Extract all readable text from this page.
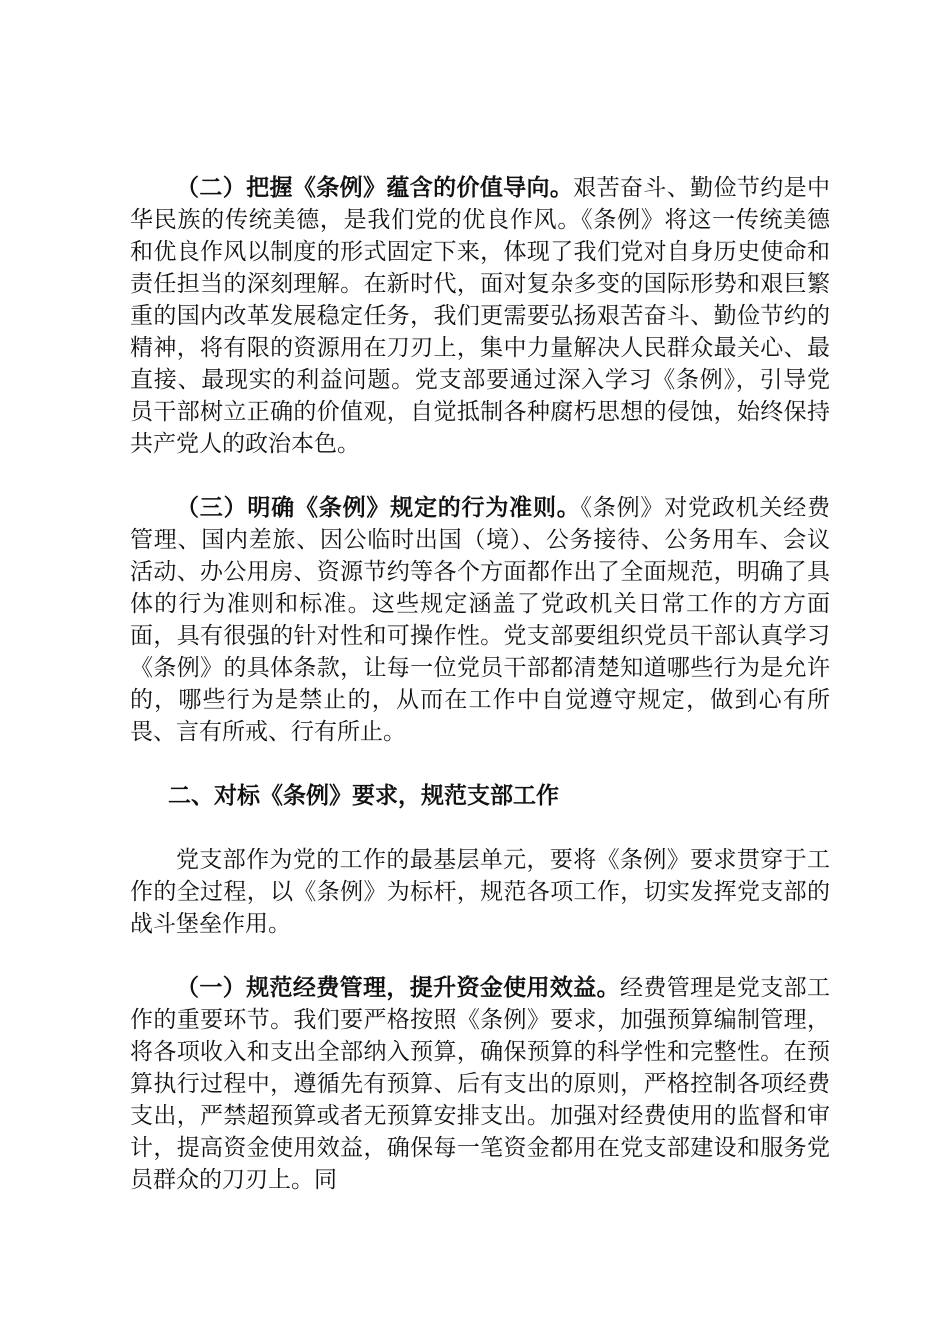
（二）把握《条例》蕴含的价值导向。艰苦奋斗、勤俭节约是中华民族的传统美德，是我们党的优良作风。《条例》将这一传统美德和优良作风以制度的形式固定下来，体现了我们党对自身历史使命和责任担当的深刻理解。在新时代，面对复杂多变的国际形势和艰巨繁重的国内改革发展稳定任务，我们更需要弘扬艰苦奋斗、勤俭节约的精神，将有限的资源用在刀刃上，集中力量解决人民群众最关心、最直接、最现实的利益问题。党支部要通过深入学习《条例》，引导党员干部树立正确的价值观，自觉抵制各种腐朽思想的侵蚀，始终保持共产党人的政治本色。

（三）明确《条例》规定的行为准则。《条例》对党政机关经费管理、国内差旅、因公临时出国（境）、公务接待、公务用车、会议活动、办公用房、资源节约等各个方面都作出了全面规范，明确了具体的行为准则和标准。这些规定涵盖了党政机关日常工作的方方面面，具有很强的针对性和可操作性。党支部要组织党员干部认真学习《条例》的具体条款，让每一位党员干部都清楚知道哪些行为是允许的，哪些行为是禁止的，从而在工作中自觉遵守规定，做到心有所畏、言有所戒、行有所止。

二、对标《条例》要求，规范支部工作

党支部作为党的工作的最基层单元，要将《条例》要求贯穿于工作的全过程，以《条例》为标杆，规范各项工作，切实发挥党支部的战斗堡垒作用。

（一）规范经费管理，提升资金使用效益。经费管理是党支部工作的重要环节。我们要严格按照《条例》要求，加强预算编制管理，将各项收入和支出全部纳入预算，确保预算的科学性和完整性。在预算执行过程中，遵循先有预算、后有支出的原则，严格控制各项经费支出，严禁超预算或者无预算安排支出。加强对经费使用的监督和审计，提高资金使用效益，确保每一笔资金都用在党支部建设和服务党员群众的刀刃上。同
